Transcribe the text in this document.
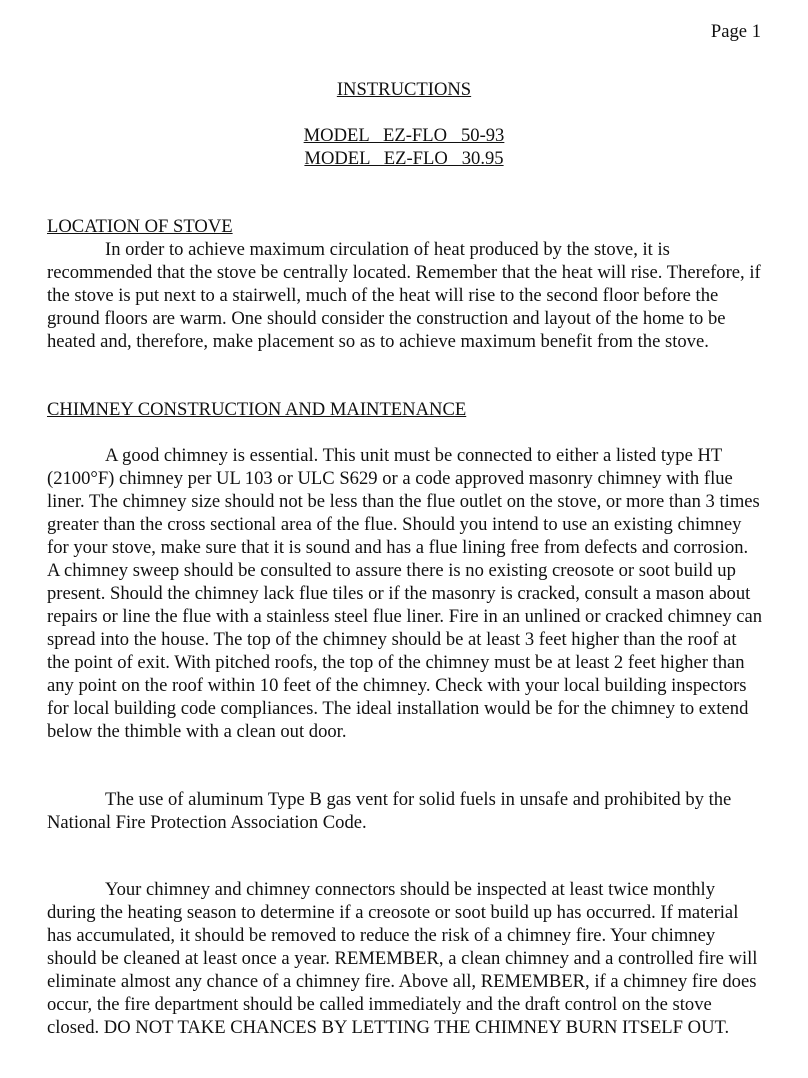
Page 1

INSTRUCTIONS

MODEL   EZ-FLO   50-93

MODEL   EZ-FLO   30.95

LOCATION OF STOVE

In order to achieve maximum circulation of heat produced by the stove, it is recommended that the stove be centrally located. Remember that the heat will rise. Therefore, if the stove is put next to a stairwell, much of the heat will rise to the second floor before the ground floors are warm. One should consider the construction and layout of the home to be heated and, therefore, make placement so as to achieve maximum benefit from the stove.

CHIMNEY CONSTRUCTION AND MAINTENANCE

A good chimney is essential. This unit must be connected to either a listed type HT (2100°F) chimney per UL 103 or ULC S629 or a code approved masonry chimney with flue liner. The chimney size should not be less than the flue outlet on the stove, or more than 3 times greater than the cross sectional area of the flue. Should you intend to use an existing chimney for your stove, make sure that it is sound and has a flue lining free from defects and corrosion. A chimney sweep should be consulted to assure there is no existing creosote or soot build up present. Should the chimney lack flue tiles or if the masonry is cracked, consult a mason about repairs or line the flue with a stainless steel flue liner. Fire in an unlined or cracked chimney can spread into the house. The top of the chimney should be at least 3 feet higher than the roof at the point of exit. With pitched roofs, the top of the chimney must be at least 2 feet higher than any point on the roof within 10 feet of the chimney. Check with your local building inspectors for local building code compliances. The ideal installation would be for the chimney to extend below the thimble with a clean out door.

The use of aluminum Type B gas vent for solid fuels in unsafe and prohibited by the National Fire Protection Association Code.

Your chimney and chimney connectors should be inspected at least twice monthly during the heating season to determine if a creosote or soot build up has occurred. If material has accumulated, it should be removed to reduce the risk of a chimney fire. Your chimney should be cleaned at least once a year. REMEMBER, a clean chimney and a controlled fire will eliminate almost any chance of a chimney fire. Above all, REMEMBER, if a chimney fire does occur, the fire department should be called immediately and the draft control on the stove closed. DO NOT TAKE CHANCES BY LETTING THE CHIMNEY BURN ITSELF OUT.
